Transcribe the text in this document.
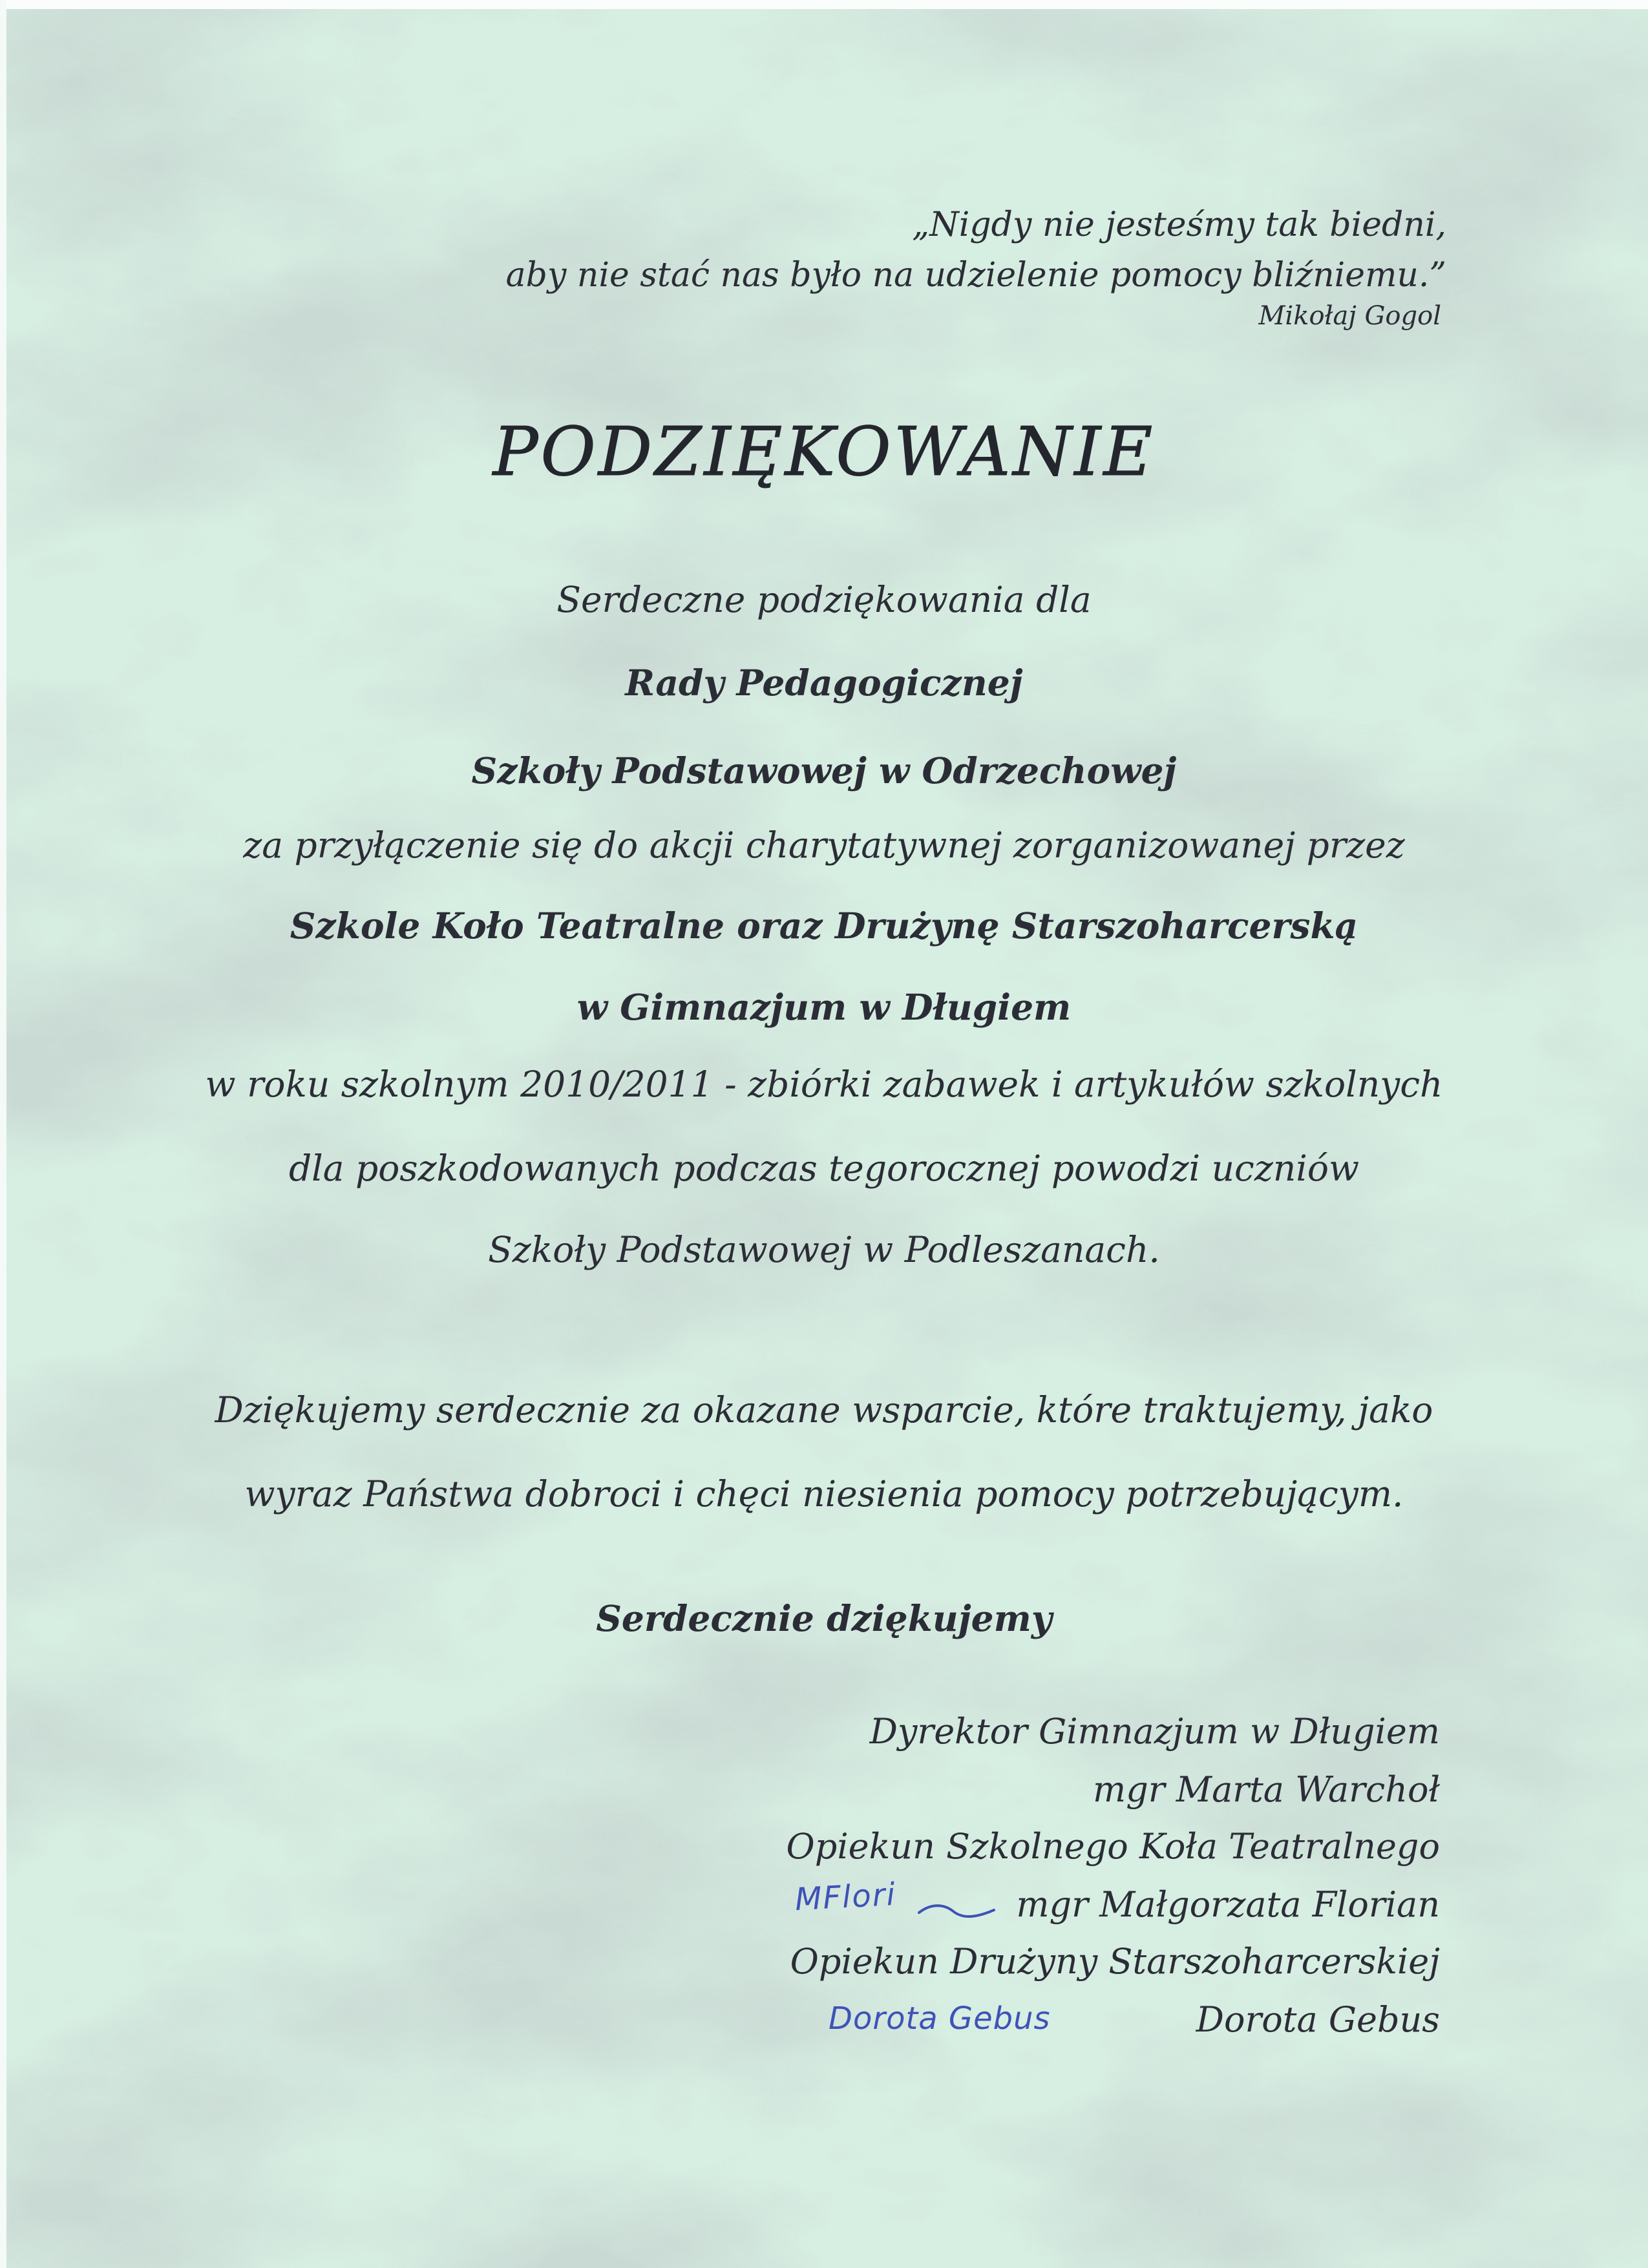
„Nigdy nie jesteśmy tak biedni,
aby nie stać nas było na udzielenie pomocy bliźniemu.”
Mikołaj Gogol
PODZIĘKOWANIE
Serdeczne podziękowania dla
Rady Pedagogicznej
Szkoły Podstawowej w Odrzechowej
za przyłączenie się do akcji charytatywnej zorganizowanej przez
Szkole Koło Teatralne oraz Drużynę Starszoharcerską
w Gimnazjum w Długiem
w roku szkolnym 2010/2011 - zbiórki zabawek i artykułów szkolnych
dla poszkodowanych podczas tegorocznej powodzi uczniów
Szkoły Podstawowej w Podleszanach.
Dziękujemy serdecznie za okazane wsparcie, które traktujemy, jako
wyraz Państwa dobroci i chęci niesienia pomocy potrzebującym.
Serdecznie dziękujemy
Dyrektor Gimnazjum w Długiem
mgr Marta Warchoł
Opiekun Szkolnego Koła Teatralnego
mgr Małgorzata Florian
Opiekun Drużyny Starszoharcerskiej
Dorota Gebus
MFlori
Dorota Gebus
